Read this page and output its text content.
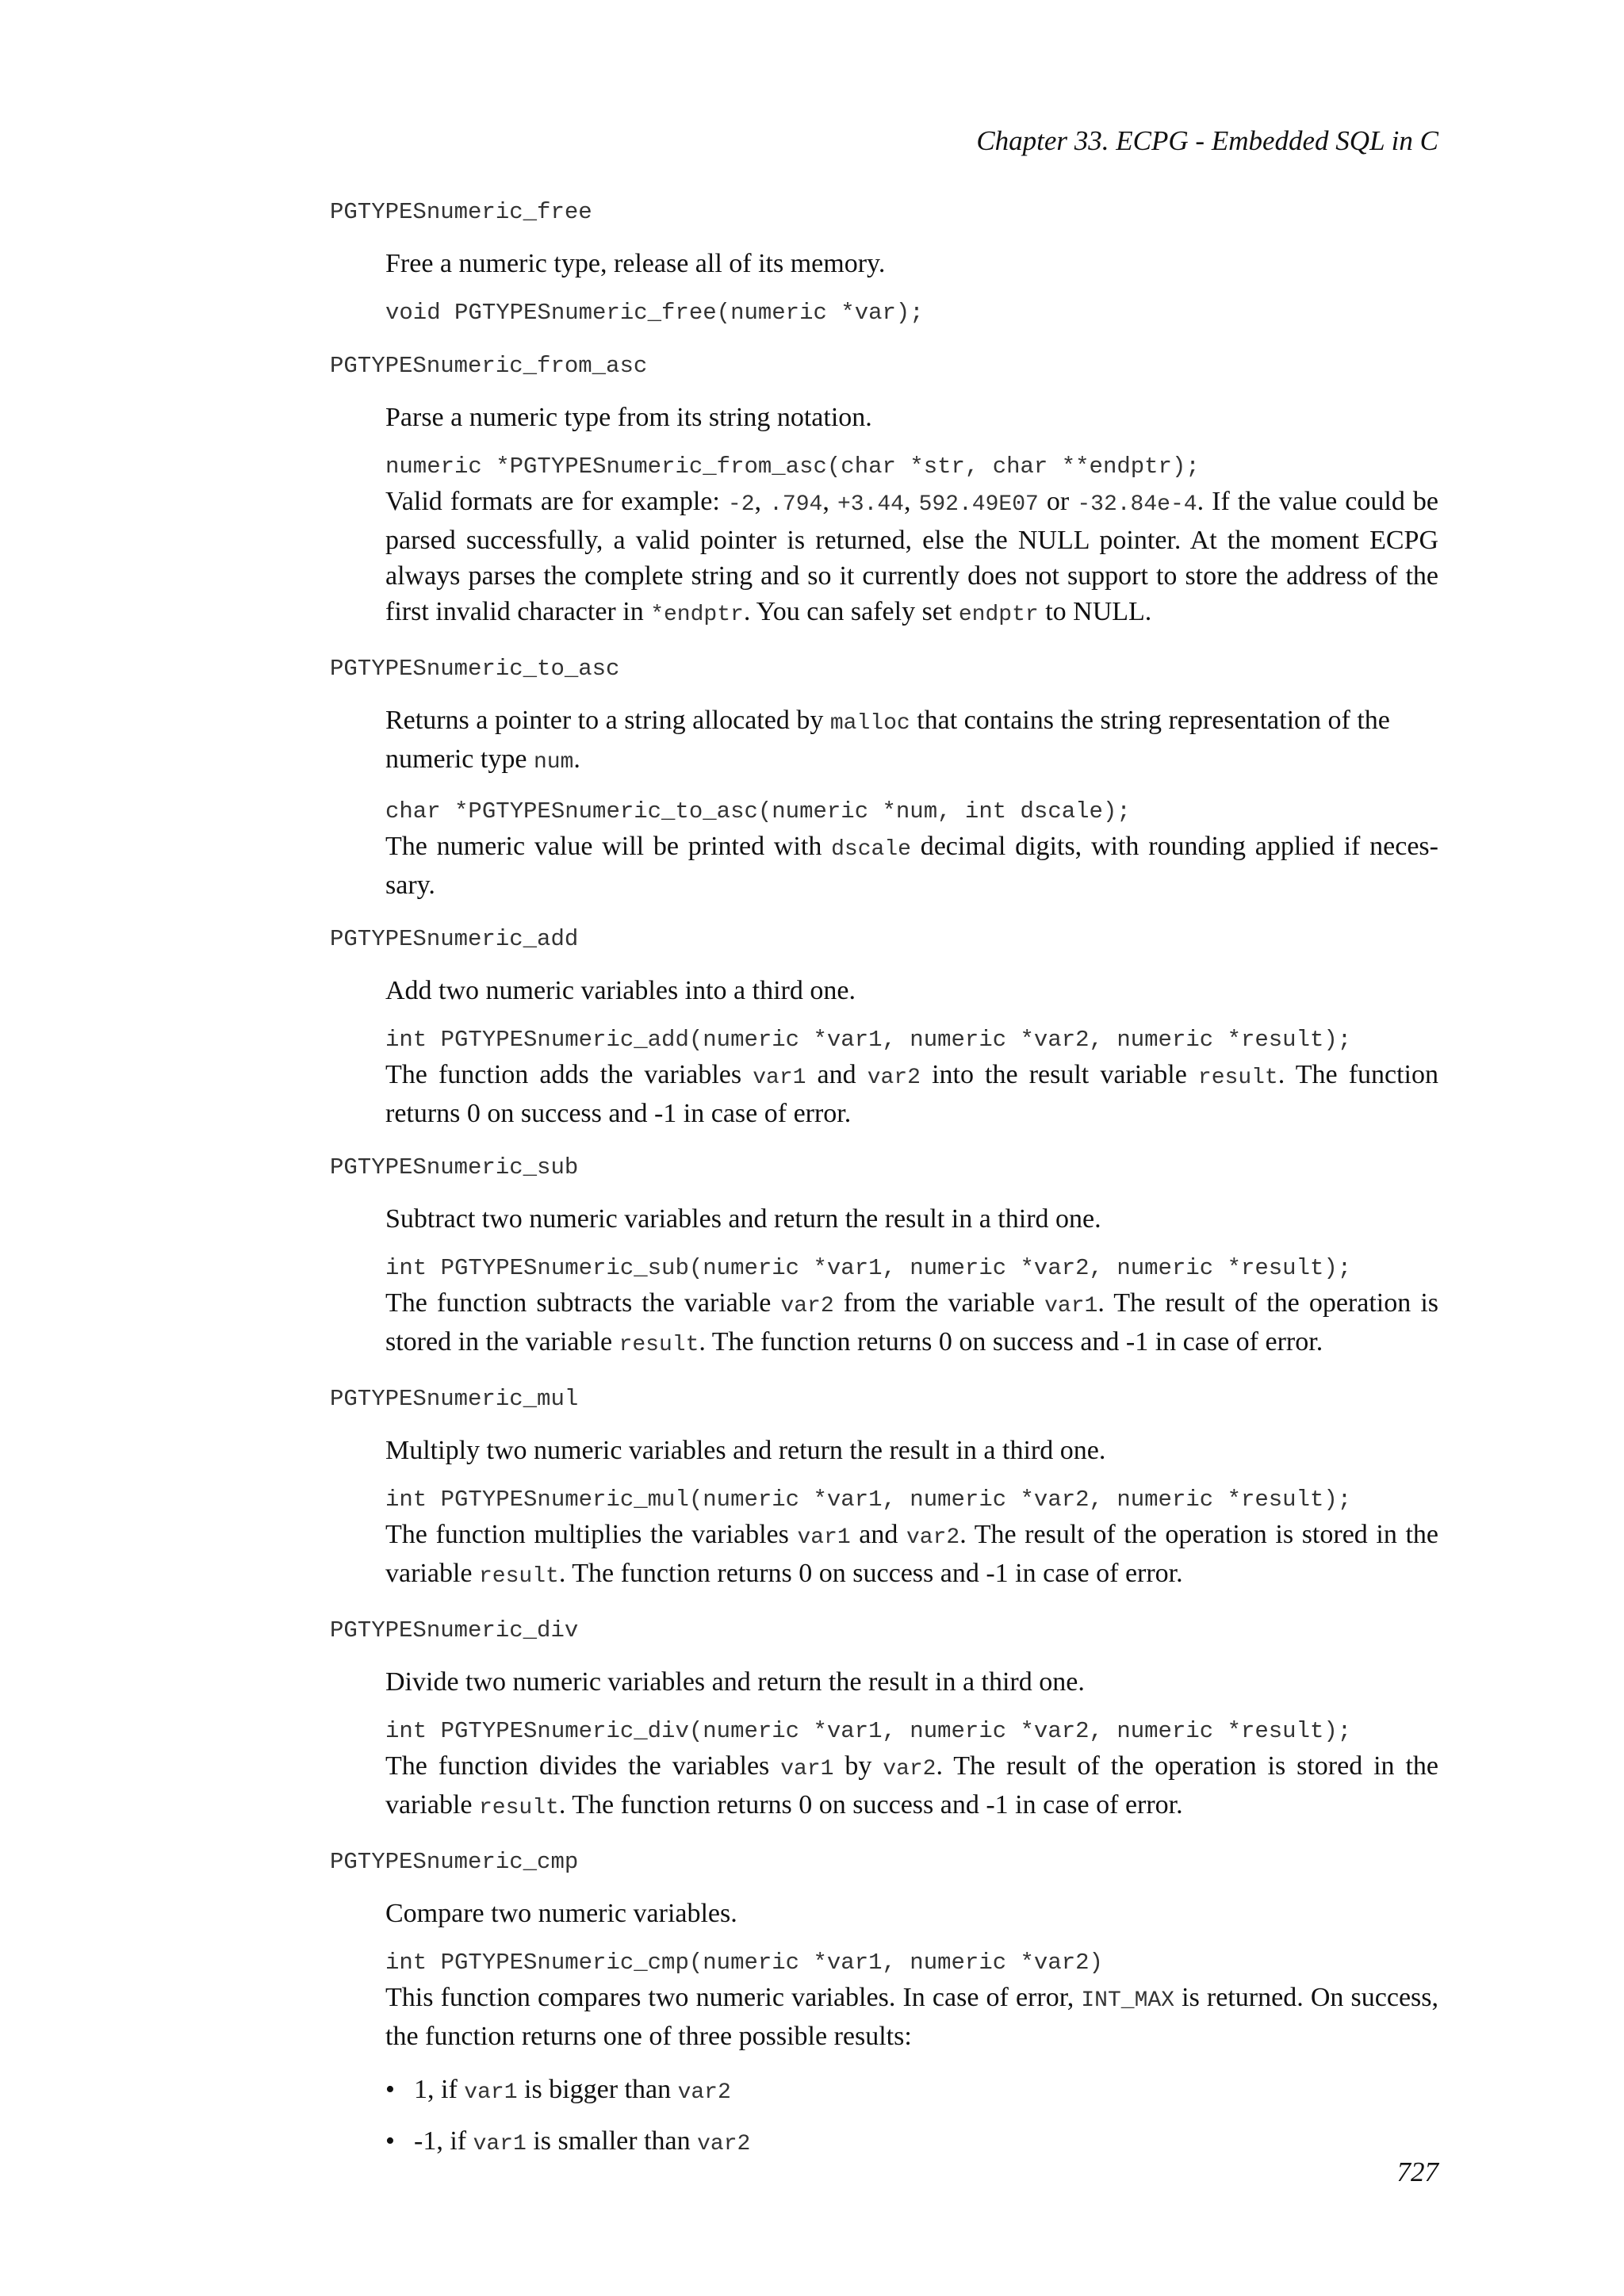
Chapter 33. ECPG - Embedded SQL in C

PGTYPESnumeric_free

Free a numeric type, release all of its memory.

void PGTYPESnumeric_free(numeric *var);

PGTYPESnumeric_from_asc

Parse a numeric type from its string notation.

numeric *PGTYPESnumeric_from_asc(char *str, char **endptr);

Valid formats are for example: -2, .794, +3.44, 592.49E07 or -32.84e-4. If the value could be parsed successfully, a valid pointer is returned, else the NULL pointer. At the moment ECPG always parses the complete string and so it currently does not support to store the address of the first invalid character in *endptr. You can safely set endptr to NULL.

PGTYPESnumeric_to_asc

Returns a pointer to a string allocated by malloc that contains the string representation of the numeric type num.

char *PGTYPESnumeric_to_asc(numeric *num, int dscale);

The numeric value will be printed with dscale decimal digits, with rounding applied if neces-sary.

PGTYPESnumeric_add

Add two numeric variables into a third one.

int PGTYPESnumeric_add(numeric *var1, numeric *var2, numeric *result);

The function adds the variables var1 and var2 into the result variable result. The function returns 0 on success and -1 in case of error.

PGTYPESnumeric_sub

Subtract two numeric variables and return the result in a third one.

int PGTYPESnumeric_sub(numeric *var1, numeric *var2, numeric *result);

The function subtracts the variable var2 from the variable var1. The result of the operation is stored in the variable result. The function returns 0 on success and -1 in case of error.

PGTYPESnumeric_mul

Multiply two numeric variables and return the result in a third one.

int PGTYPESnumeric_mul(numeric *var1, numeric *var2, numeric *result);

The function multiplies the variables var1 and var2. The result of the operation is stored in the variable result. The function returns 0 on success and -1 in case of error.

PGTYPESnumeric_div

Divide two numeric variables and return the result in a third one.

int PGTYPESnumeric_div(numeric *var1, numeric *var2, numeric *result);

The function divides the variables var1 by var2. The result of the operation is stored in the variable result. The function returns 0 on success and -1 in case of error.

PGTYPESnumeric_cmp

Compare two numeric variables.

int PGTYPESnumeric_cmp(numeric *var1, numeric *var2)

This function compares two numeric variables. In case of error, INT_MAX is returned. On success, the function returns one of three possible results:

• 1, if var1 is bigger than var2
• -1, if var1 is smaller than var2
727
